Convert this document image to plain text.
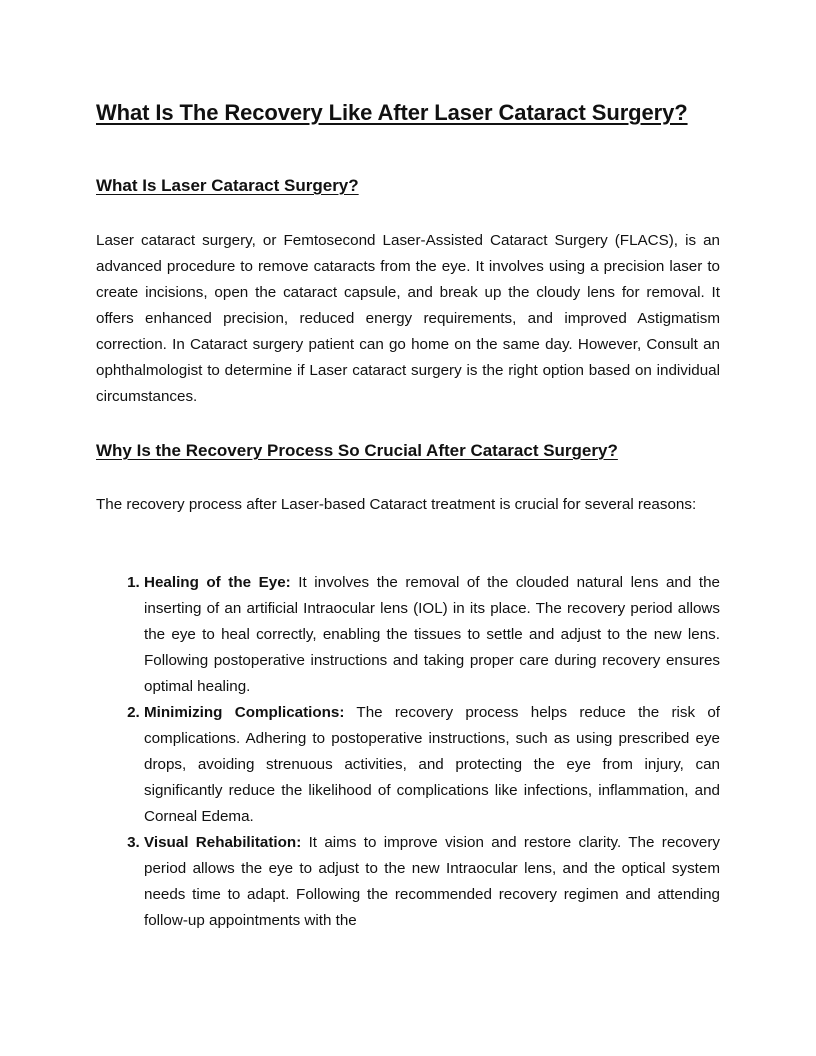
What Is The Recovery Like After Laser Cataract Surgery?
What Is Laser Cataract Surgery?

Laser cataract surgery, or Femtosecond Laser-Assisted Cataract Surgery (FLACS), is an advanced procedure to remove cataracts from the eye. It involves using a precision laser to create incisions, open the cataract capsule, and break up the cloudy lens for removal. It offers enhanced precision, reduced energy requirements, and improved Astigmatism correction. In Cataract surgery patient can go home on the same day. However, Consult an ophthalmologist to determine if Laser cataract surgery is the right option based on individual circumstances.

Why Is the Recovery Process So Crucial After Cataract Surgery?

The recovery process after Laser-based Cataract treatment is crucial for several reasons:

1. Healing of the Eye: It involves the removal of the clouded natural lens and the inserting of an artificial Intraocular lens (IOL) in its place. The recovery period allows the eye to heal correctly, enabling the tissues to settle and adjust to the new lens. Following postoperative instructions and taking proper care during recovery ensures optimal healing.
2. Minimizing Complications: The recovery process helps reduce the risk of complications. Adhering to postoperative instructions, such as using prescribed eye drops, avoiding strenuous activities, and protecting the eye from injury, can significantly reduce the likelihood of complications like infections, inflammation, and Corneal Edema.
3. Visual Rehabilitation: It aims to improve vision and restore clarity. The recovery period allows the eye to adjust to the new Intraocular lens, and the optical system needs time to adapt. Following the recommended recovery regimen and attending follow-up appointments with the
